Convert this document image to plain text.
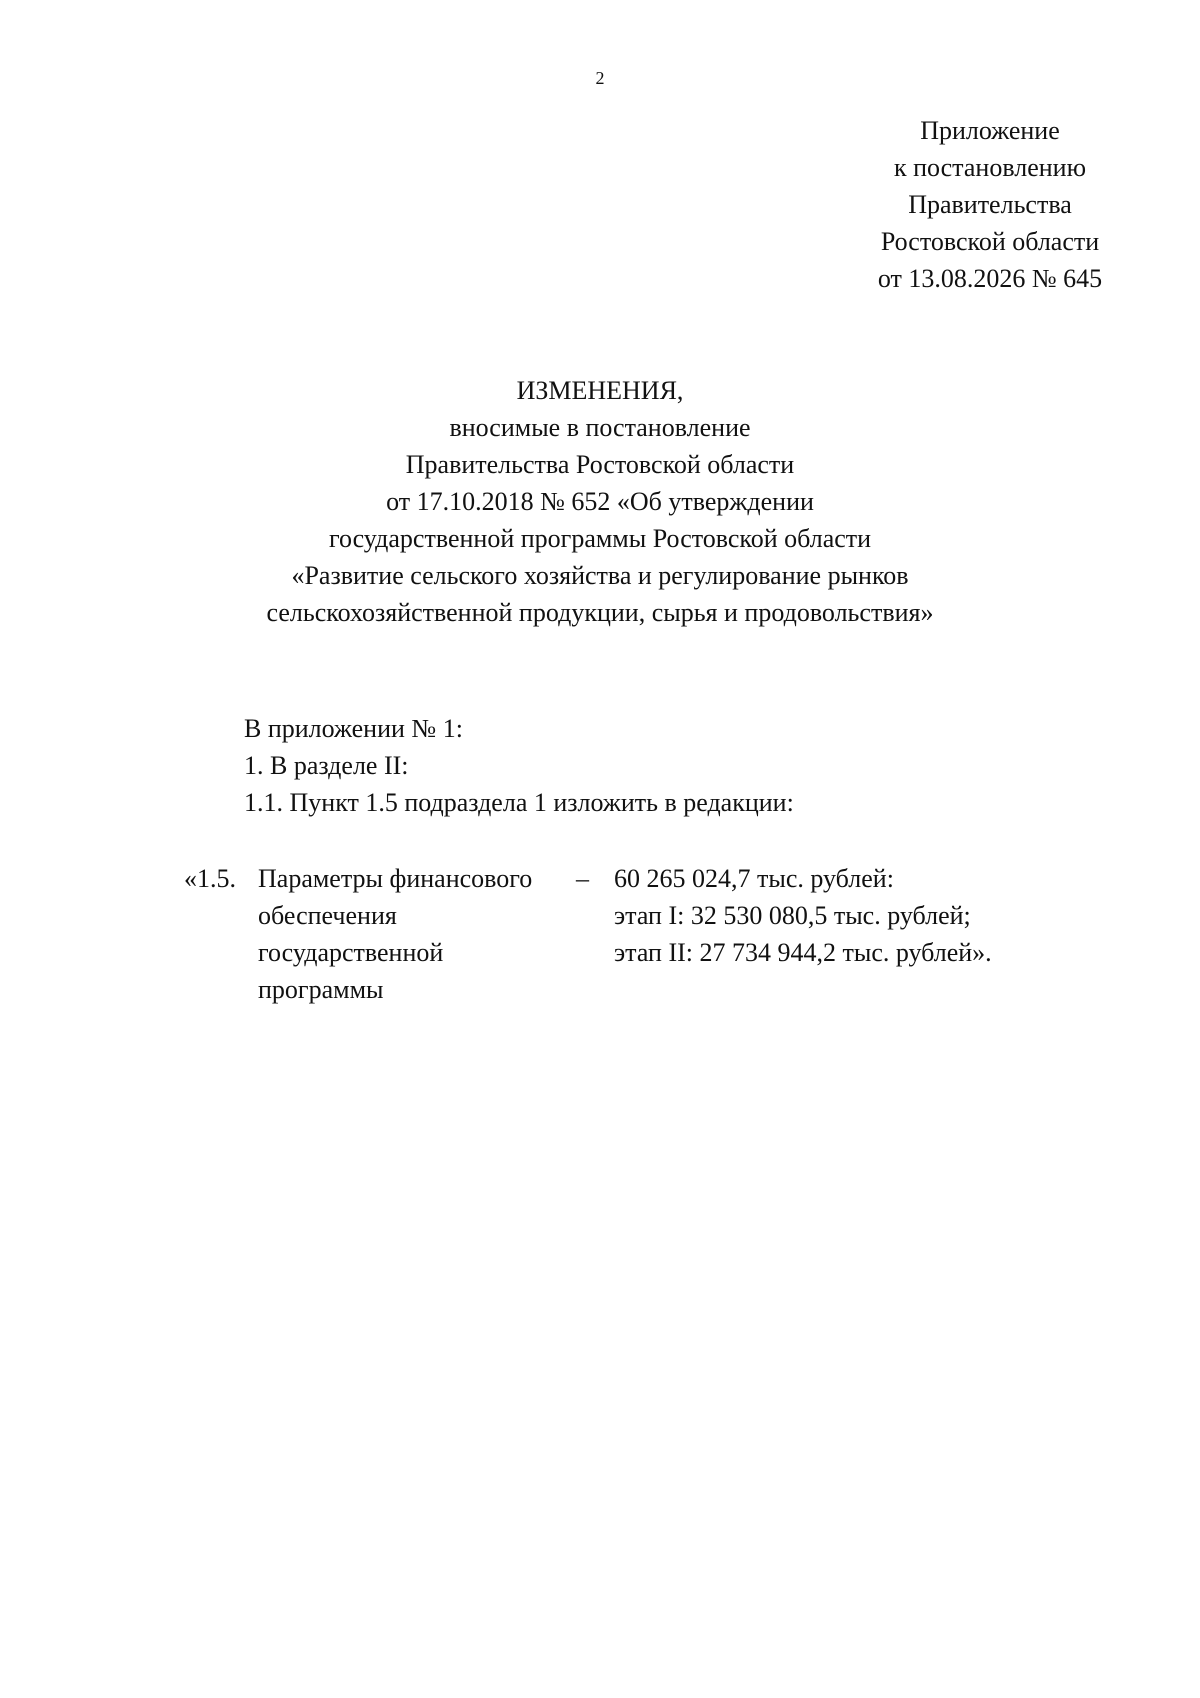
2
Приложение
к постановлению
Правительства
Ростовской области
от 13.08.2026 № 645
ИЗМЕНЕНИЯ,
вносимые в постановление
Правительства Ростовской области
от 17.10.2018 № 652 «Об утверждении
государственной программы Ростовской области
«Развитие сельского хозяйства и регулирование рынков
сельскохозяйственной продукции, сырья и продовольствия»
В приложении № 1:
1. В разделе II:
1.1. Пункт 1.5 подраздела 1 изложить в редакции:
«1.5. Параметры финансового
обеспечения
государственной
программы
– 60 265 024,7 тыс. рублей:
этап I: 32 530 080,5 тыс. рублей;
этап II: 27 734 944,2 тыс. рублей».
